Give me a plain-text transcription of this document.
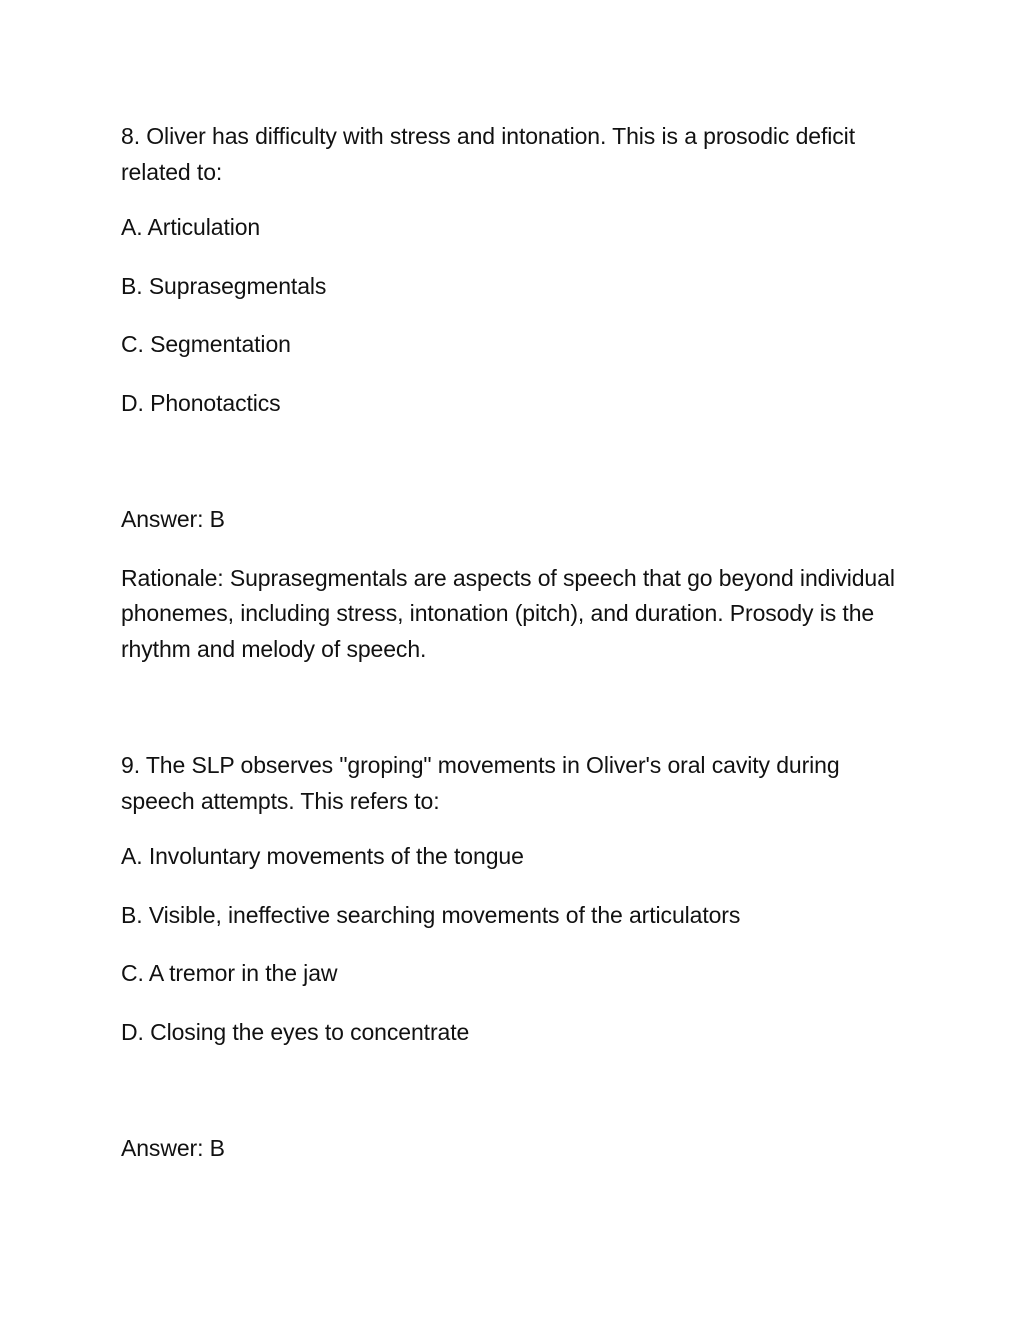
8. Oliver has difficulty with stress and intonation. This is a prosodic deficit related to:

A. Articulation

B. Suprasegmentals

C. Segmentation

D. Phonotactics

Answer: B

Rationale: Suprasegmentals are aspects of speech that go beyond individual phonemes, including stress, intonation (pitch), and duration. Prosody is the rhythm and melody of speech.

9. The SLP observes "groping" movements in Oliver's oral cavity during speech attempts. This refers to:

A. Involuntary movements of the tongue

B. Visible, ineffective searching movements of the articulators

C. A tremor in the jaw

D. Closing the eyes to concentrate

Answer: B
